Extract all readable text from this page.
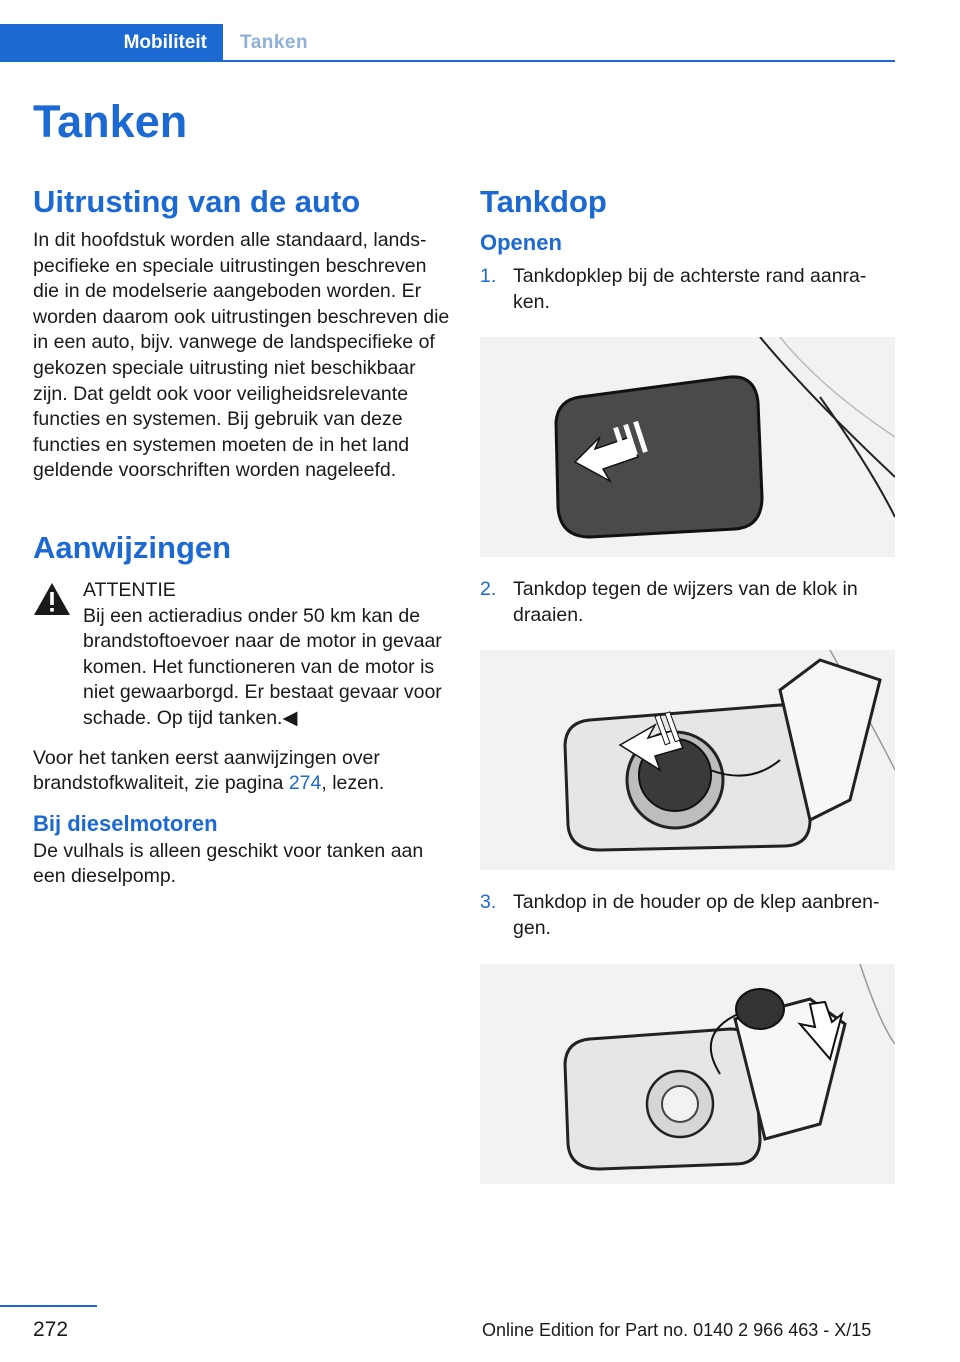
Mobiliteit	Tanken
Tanken
Uitrusting van de auto

In dit hoofdstuk worden alle standaard, landspecifieke en speciale uitrustingen beschreven die in de modelserie aangeboden worden. Er worden daarom ook uitrustingen beschreven die in een auto, bijv. vanwege de landspecifieke of gekozen speciale uitrusting niet beschikbaar zijn. Dat geldt ook voor veiligheidsrelevante functies en systemen. Bij gebruik van deze functies en systemen moeten de in het land geldende voorschriften worden nageleefd.

Aanwijzingen

ATTENTIE

Bij een actieradius onder 50 km kan de brandstoftoevoer naar de motor in gevaar komen. Het functioneren van de motor is niet gewaarborgd. Er bestaat gevaar voor schade. Op tijd tanken.◀

Voor het tanken eerst aanwijzingen over brandstofkwaliteit, zie pagina 274, lezen.

Bij dieselmotoren

De vulhals is alleen geschikt voor tanken aan een dieselpomp.

Tankdop
Openen
1. Tankdopklep bij de achterste rand aanraken.

2. Tankdop tegen de wijzers van de klok in draaien.

3. Tankdop in de houder op de klep aanbrengen.

272	Online Edition for Part no. 0140 2 966 463 - X/15
